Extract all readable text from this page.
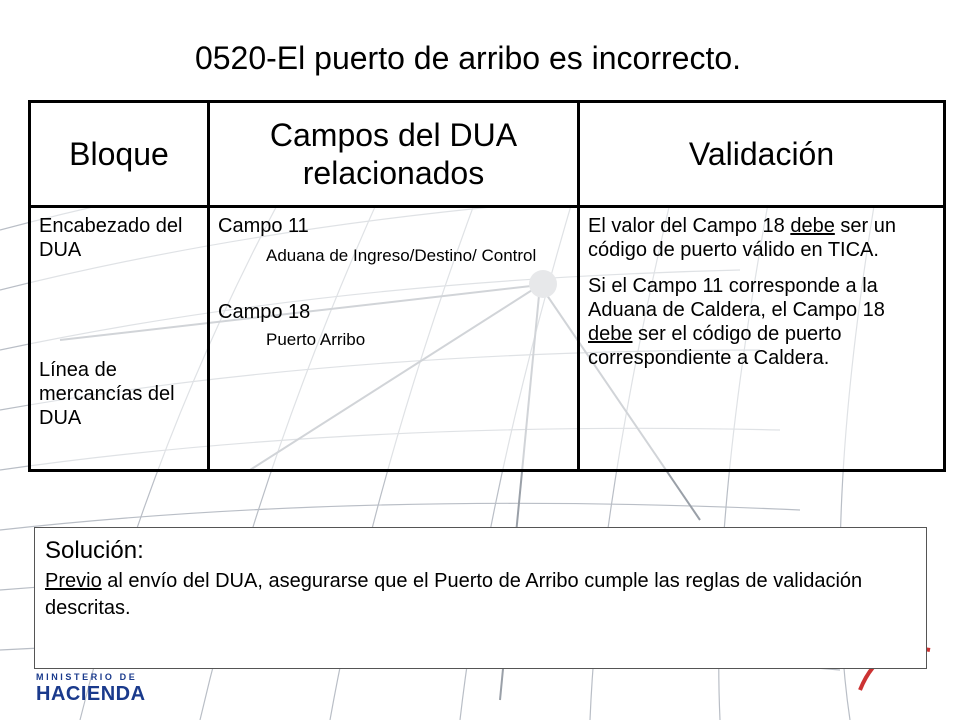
0520-El puerto de arribo es incorrecto.
Bloque
Campos del DUA relacionados
Validación
Encabezado del DUA
Línea de mercancías del DUA
Campo 11
Aduana de Ingreso/Destino/ Control
Campo 18
Puerto Arribo

El valor del Campo 18 debe ser un código de puerto válido en TICA.

Si el Campo 11 corresponde a la Aduana de Caldera, el Campo 18 debe ser el código de puerto correspondiente a Caldera.

Solución:
Previo al envío del DUA, asegurarse que el Puerto de Arribo cumple las reglas de validación descritas.
MINISTERIO DE
HACIENDA
